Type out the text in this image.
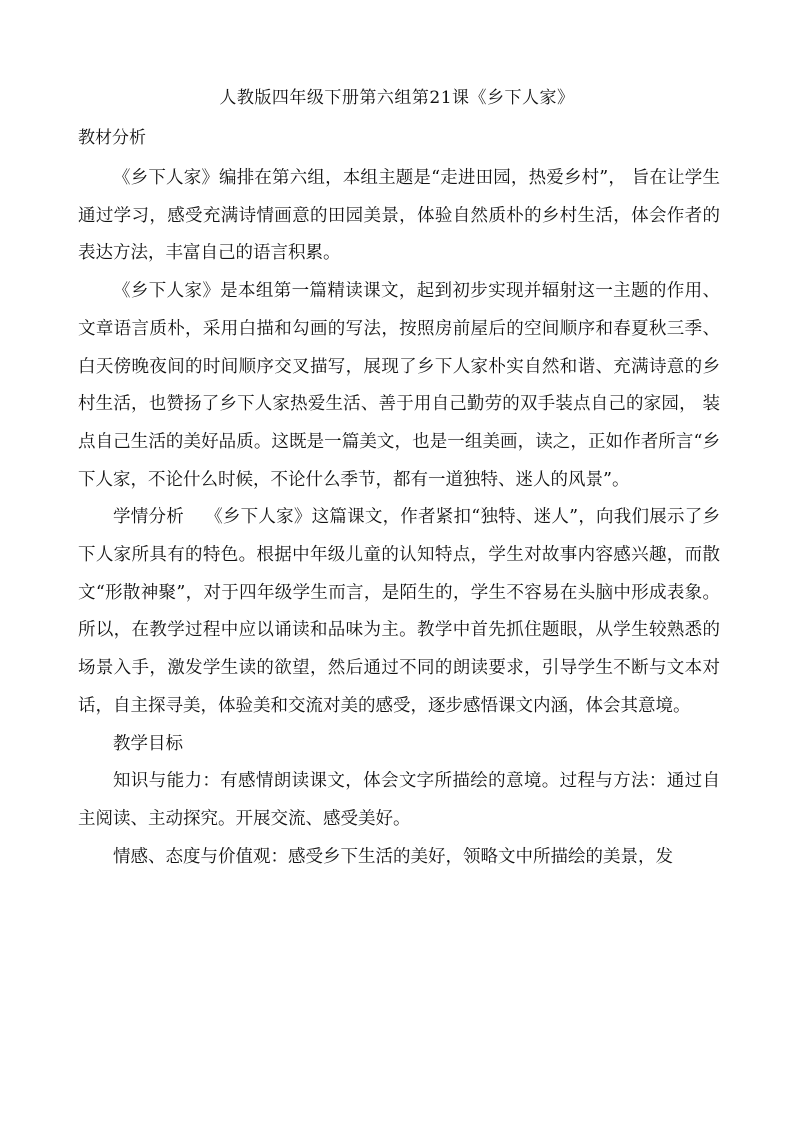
人教版四年级下册第六组第21课《乡下人家》
教材分析

《乡下人家》编排在第六组，本组主题是“走进田园，热爱乡村”， 旨在让学生通过学习，感受充满诗情画意的田园美景，体验自然质朴的乡村生活，体会作者的表达方法，丰富自己的语言积累。

《乡下人家》是本组第一篇精读课文，起到初步实现并辐射这一主题的作用、文章语言质朴，采用白描和勾画的写法，按照房前屋后的空间顺序和春夏秋三季、 白天傍晚夜间的时间顺序交叉描写，展现了乡下人家朴实自然和谐、充满诗意的乡村生活，也赞扬了乡下人家热爱生活、善于用自己勤劳的双手装点自己的家园， 装点自己生活的美好品质。这既是一篇美文，也是一组美画，读之，正如作者所言“乡下人家，不论什么时候，不论什么季节，都有一道独特、迷人的风景”。

学情分析 《乡下人家》这篇课文，作者紧扣“独特、迷人”，向我们展示了乡下人家所具有的特色。根据中年级儿童的认知特点，学生对故事内容感兴趣，而散文“形散神聚”，对于四年级学生而言，是陌生的，学生不容易在头脑中形成表象。所以，在教学过程中应以诵读和品味为主。教学中首先抓住题眼，从学生较熟悉的场景入手，激发学生读的欲望，然后通过不同的朗读要求，引导学生不断与文本对话，自主探寻美，体验美和交流对美的感受，逐步感悟课文内涵，体会其意境。

教学目标

知识与能力：有感情朗读课文，体会文字所描绘的意境。过程与方法：通过自主阅读、主动探究。开展交流、感受美好。

情感、态度与价值观：感受乡下生活的美好，领略文中所描绘的美景，发
